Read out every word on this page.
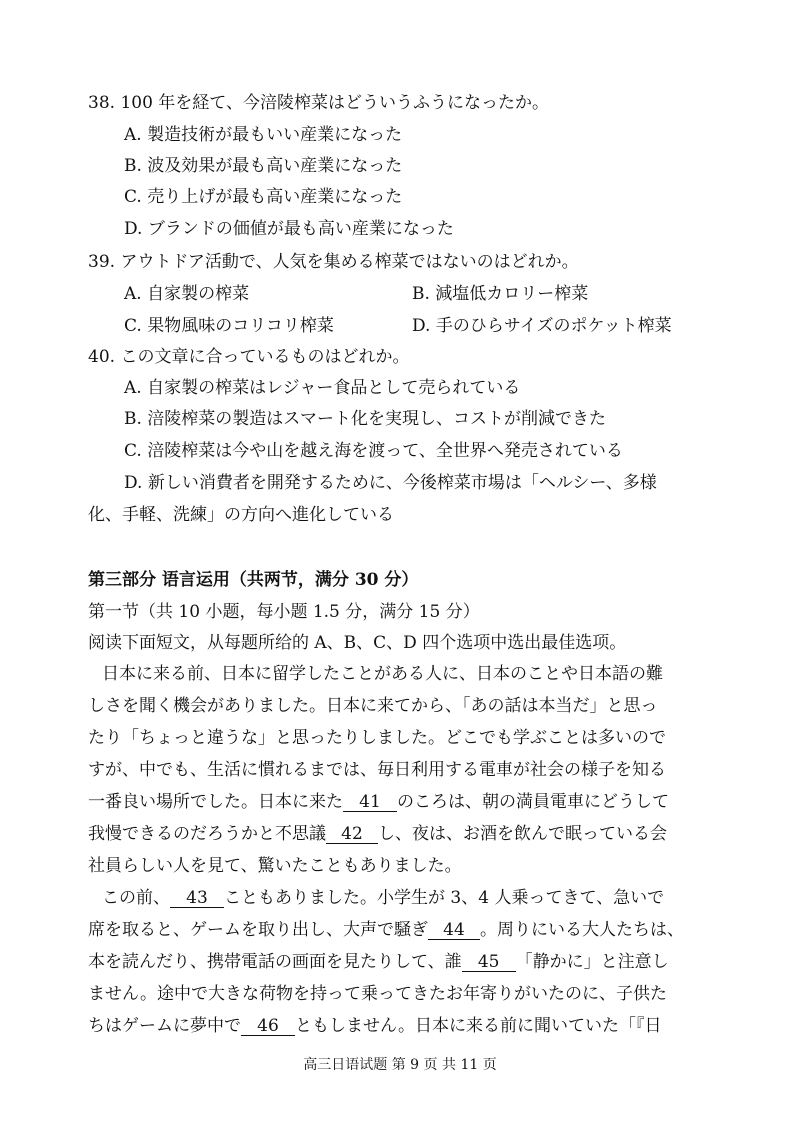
38. 100 年を経て、今涪陵榨菜はどういうふうになったか。
A. 製造技術が最もいい産業になった
B. 波及効果が最も高い産業になった
C. 売り上げが最も高い産業になった
D. ブランドの価値が最も高い産業になった
39. アウトドア活動で、人気を集める榨菜ではないのはどれか。
A. 自家製の榨菜	B. 減塩低カロリー榨菜
C. 果物風味のコリコリ榨菜	D. 手のひらサイズのポケット榨菜
40. この文章に合っているものはどれか。
A. 自家製の榨菜はレジャー食品として売られている
B. 涪陵榨菜の製造はスマート化を実現し、コストが削減できた
C. 涪陵榨菜は今や山を越え海を渡って、全世界へ発売されている
D. 新しい消費者を開発するために、今後榨菜市場は「ヘルシー、多様
化、手軽、洗練」の方向へ進化している
第三部分 语言运用（共两节，满分 30 分）
第一节（共 10 小题，每小题 1.5 分，满分 15 分）
阅读下面短文，从每题所给的 A、B、C、D 四个选项中选出最佳选项。
日本に来る前、日本に留学したことがある人に、日本のことや日本語の難
しさを聞く機会がありました。日本に来てから、「あの話は本当だ」と思っ
たり「ちょっと違うな」と思ったりしました。どこでも学ぶことは多いので
すが、中でも、生活に慣れるまでは、毎日利用する電車が社会の様子を知る
一番良い場所でした。日本に来た 41 のころは、朝の満員電車にどうして
我慢できるのだろうかと不思議 42 し、夜は、お酒を飲んで眠っている会
社員らしい人を見て、驚いたこともありました。
この前、 43 こともありました。小学生が 3、4 人乗ってきて、急いで
席を取ると、ゲームを取り出し、大声で騒ぎ 44 。周りにいる大人たちは、
本を読んだり、携帯電話の画面を見たりして、誰 45 「静かに」と注意し
ません。途中で大きな荷物を持って乗ってきたお年寄りがいたのに、子供た
ちはゲームに夢中で 46 ともしません。日本に来る前に聞いていた「『日
高三日语试题 第 9 页 共 11 页
